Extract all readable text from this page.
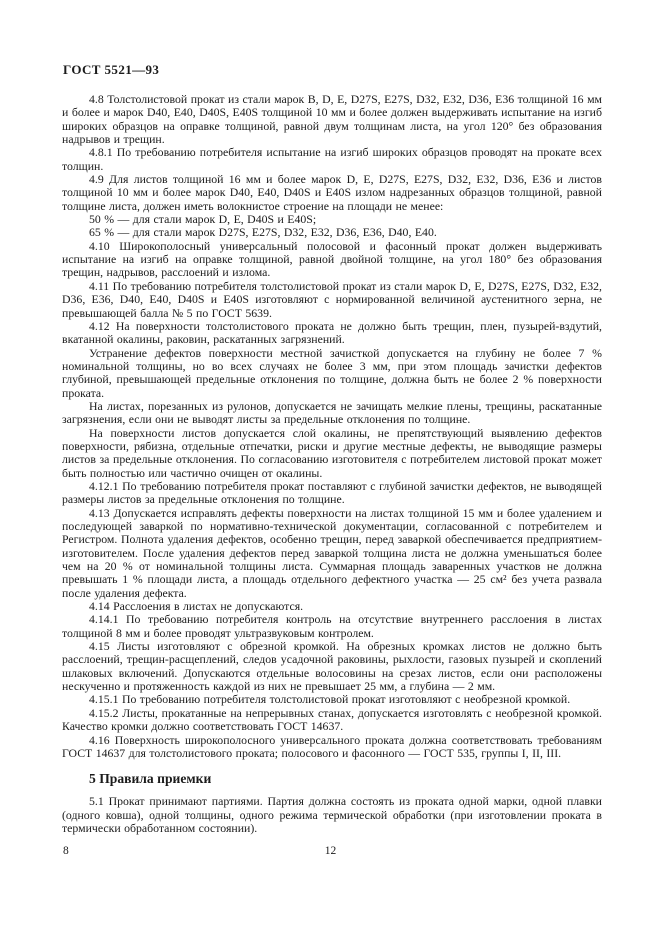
ГОСТ 5521—93

4.8 Толстолистовой прокат из стали марок B, D, E, D27S, E27S, D32, E32, D36, E36 толщиной 16 мм и более и марок D40, E40, D40S, E40S толщиной 10 мм и более должен выдерживать испытание на изгиб широких образцов на оправке толщиной, равной двум толщинам листа, на угол 120° без образования надрывов и трещин.

4.8.1 По требованию потребителя испытание на изгиб широких образцов проводят на прокате всех толщин.

4.9 Для листов толщиной 16 мм и более марок D, E, D27S, E27S, D32, E32, D36, E36 и листов толщиной 10 мм и более марок D40, E40, D40S и E40S излом надрезанных образцов толщиной, равной толщине листа, должен иметь волокнистое строение на площади не менее:

50 % — для стали марок D, E, D40S и E40S;

65 % — для стали марок D27S, E27S, D32, E32, D36, E36, D40, E40.

4.10 Широкополосный универсальный полосовой и фасонный прокат должен выдерживать испытание на изгиб на оправке толщиной, равной двойной толщине, на угол 180° без образования трещин, надрывов, расслоений и излома.

4.11 По требованию потребителя толстолистовой прокат из стали марок D, E, D27S, E27S, D32, E32, D36, E36, D40, E40, D40S и E40S изготовляют с нормированной величиной аустенитного зерна, не превышающей балла № 5 по ГОСТ 5639.

4.12 На поверхности толстолистового проката не должно быть трещин, плен, пузырей-вздутий, вкатанной окалины, раковин, раскатанных загрязнений.

Устранение дефектов поверхности местной зачисткой допускается на глубину не более 7 % номинальной толщины, но во всех случаях не более 3 мм, при этом площадь зачистки дефектов глубиной, превышающей предельные отклонения по толщине, должна быть не более 2 % поверхности проката.

На листах, порезанных из рулонов, допускается не зачищать мелкие плены, трещины, раскатанные загрязнения, если они не выводят листы за предельные отклонения по толщине.

На поверхности листов допускается слой окалины, не препятствующий выявлению дефектов поверхности, рябизна, отдельные отпечатки, риски и другие местные дефекты, не выводящие размеры листов за предельные отклонения. По согласованию изготовителя с потребителем листовой прокат может быть полностью или частично очищен от окалины.

4.12.1 По требованию потребителя прокат поставляют с глубиной зачистки дефектов, не выводящей размеры листов за предельные отклонения по толщине.

4.13 Допускается исправлять дефекты поверхности на листах толщиной 15 мм и более удалением и последующей заваркой по нормативно-технической документации, согласованной с потребителем и Регистром. Полнота удаления дефектов, особенно трещин, перед заваркой обеспечивается предприятием-изготовителем. После удаления дефектов перед заваркой толщина листа не должна уменьшаться более чем на 20 % от номинальной толщины листа. Суммарная площадь заваренных участков не должна превышать 1 % площади листа, а площадь отдельного дефектного участка — 25 см² без учета развала после удаления дефекта.

4.14 Расслоения в листах не допускаются.

4.14.1 По требованию потребителя контроль на отсутствие внутреннего расслоения в листах толщиной 8 мм и более проводят ультразвуковым контролем.

4.15 Листы изготовляют с обрезной кромкой. На обрезных кромках листов не должно быть расслоений, трещин-расщеплений, следов усадочной раковины, рыхлости, газовых пузырей и скоплений шлаковых включений. Допускаются отдельные волосовины на срезах листов, если они расположены нескученно и протяженность каждой из них не превышает 25 мм, а глубина — 2 мм.

4.15.1 По требованию потребителя толстолистовой прокат изготовляют с необрезной кромкой.

4.15.2 Листы, прокатанные на непрерывных станах, допускается изготовлять с необрезной кромкой. Качество кромки должно соответствовать ГОСТ 14637.

4.16 Поверхность широкополосного универсального проката должна соответствовать требованиям ГОСТ 14637 для толстолистового проката; полосового и фасонного — ГОСТ 535, группы I, II, III.

5 Правила приемки

5.1 Прокат принимают партиями. Партия должна состоять из проката одной марки, одной плавки (одного ковша), одной толщины, одного режима термической обработки (при изготовлении проката в термически обработанном состоянии).

8	12
